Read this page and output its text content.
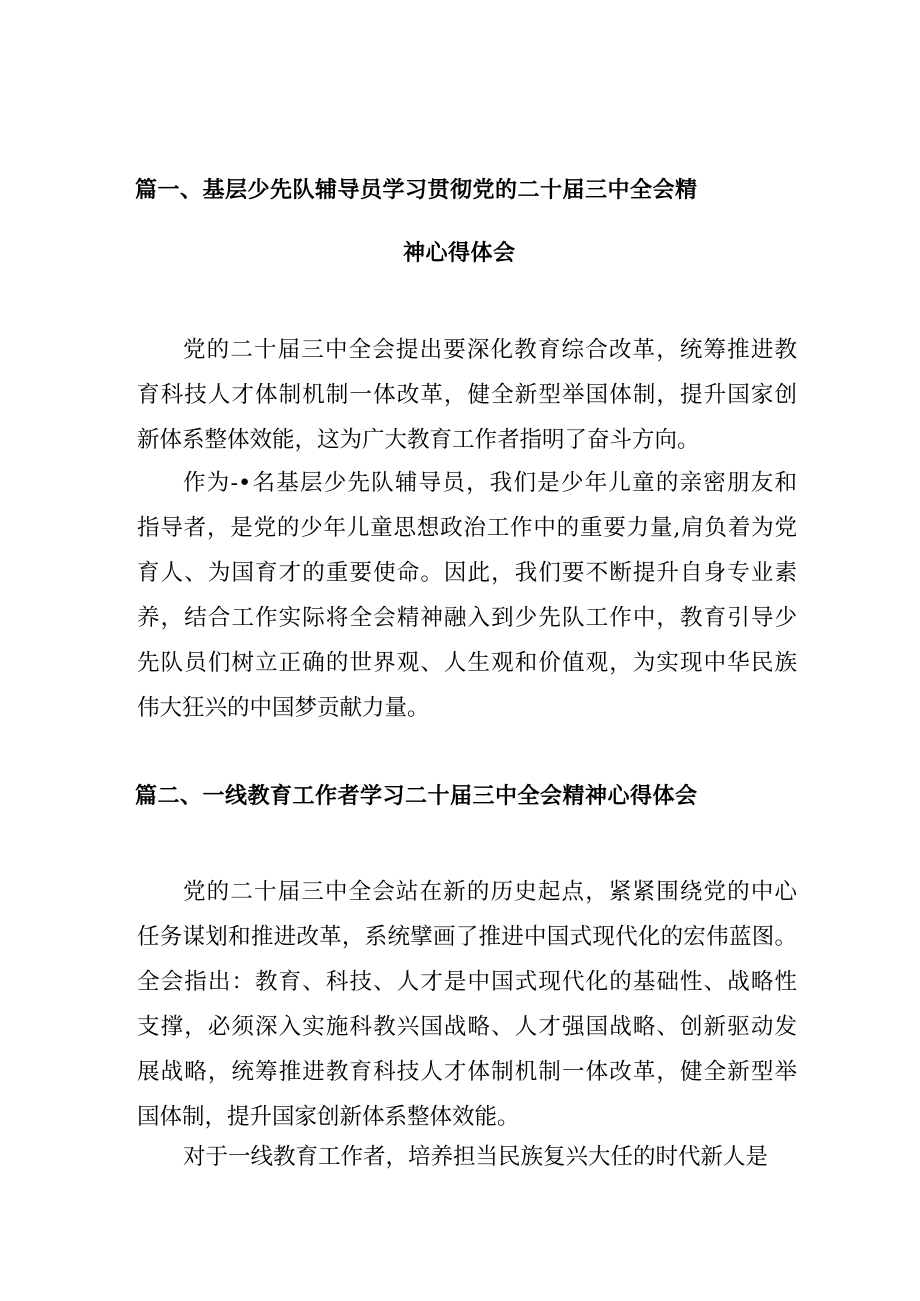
篇一、基层少先队辅导员学习贯彻党的二十届三中全会精
神心得体会
党的二十届三中全会提出要深化教育综合改革，统筹推进教
育科技人才体制机制一体改革，健全新型举国体制，提升国家创
新体系整体效能，这为广大教育工作者指明了奋斗方向。
作为-•名基层少先队辅导员，我们是少年儿童的亲密朋友和
指导者，是党的少年儿童思想政治工作中的重要力量,肩负着为党
育人、为国育才的重要使命。因此，我们要不断提升自身专业素
养，结合工作实际将全会精神融入到少先队工作中，教育引导少
先队员们树立正确的世界观、人生观和价值观，为实现中华民族
伟大狂兴的中国梦贡献力量。
篇二、一线教育工作者学习二十届三中全会精神心得体会
党的二十届三中全会站在新的历史起点，紧紧围绕党的中心
任务谋划和推进改革，系统擘画了推进中国式现代化的宏伟蓝图。
全会指出：教育、科技、人才是中国式现代化的基础性、战略性
支撑，必须深入实施科教兴国战略、人才强国战略、创新驱动发
展战略，统筹推进教育科技人才体制机制一体改革，健全新型举
国体制，提升国家创新体系整体效能。
对于一线教育工作者，培养担当民族复兴大任的时代新人是
